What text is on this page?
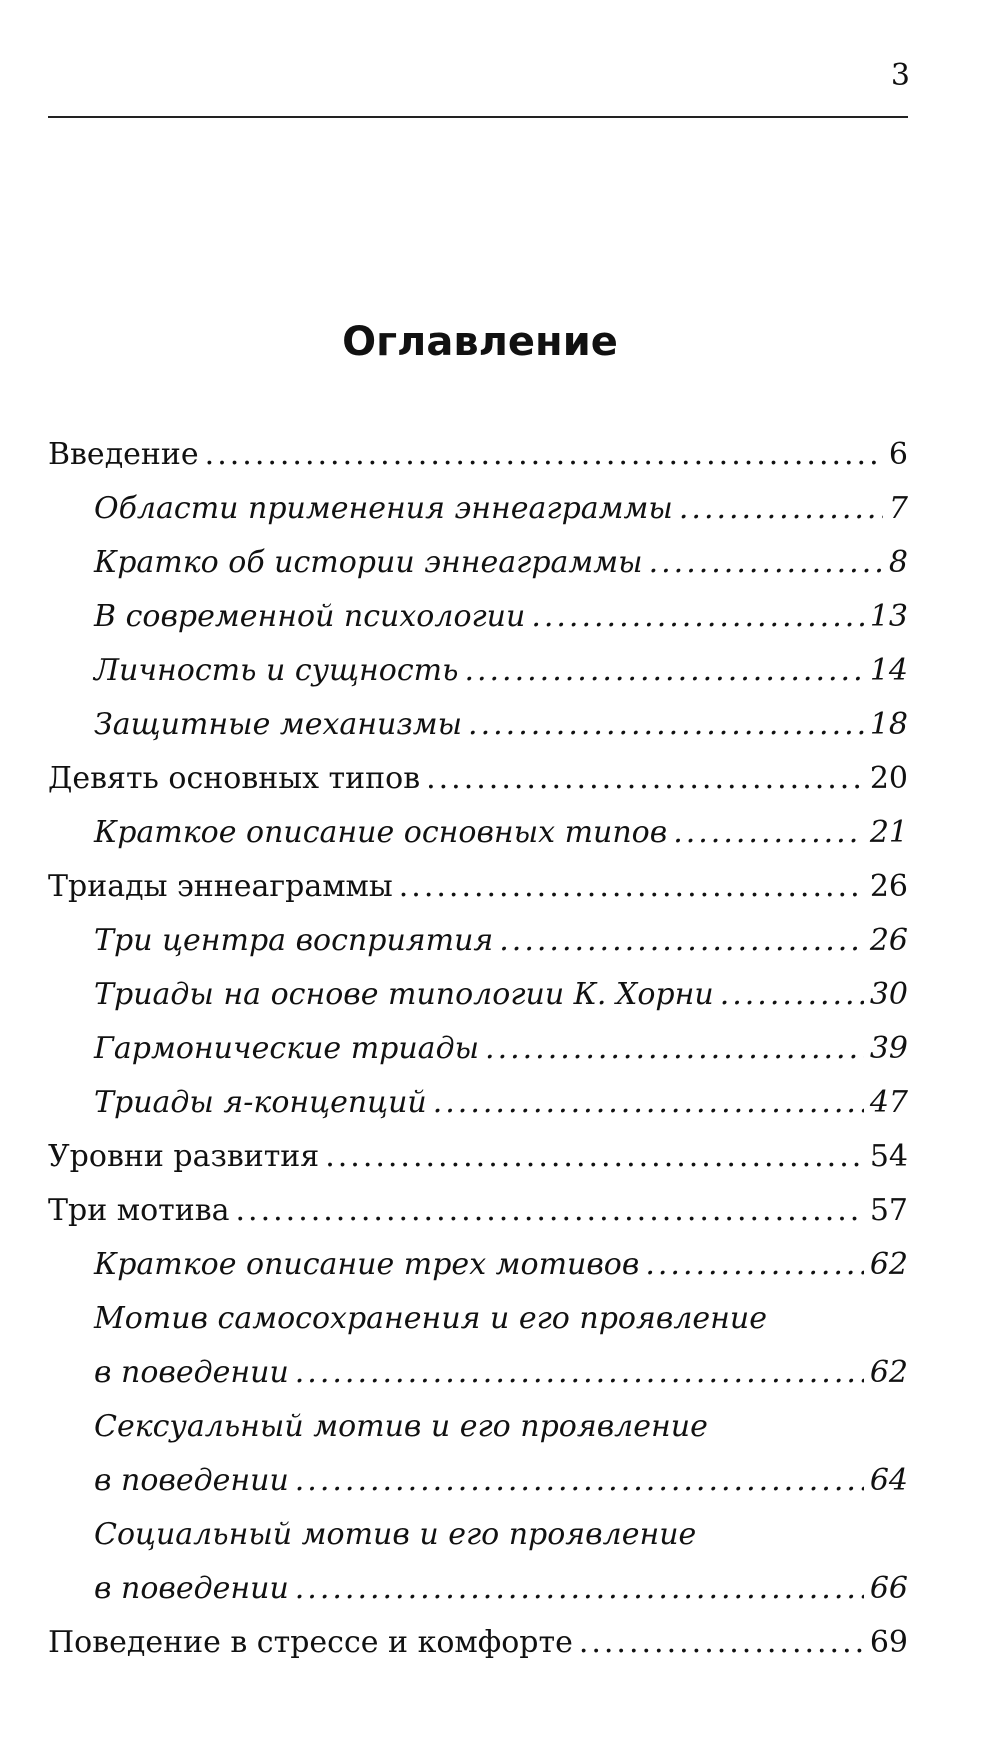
3
Оглавление
Введение .....	6
Области применения эннеаграммы .....	7
Кратко об истории эннеаграммы .....	8
В современной психологии .....	13
Личность и сущность .....	14
Защитные механизмы .....	18
Девять основных типов .....	20
Краткое описание основных типов .....	21
Триады эннеаграммы .....	26
Три центра восприятия .....	26
Триады на основе типологии К. Хорни .....	30
Гармонические триады .....	39
Триады я-концепций .....	47
Уровни развития .....	54
Три мотива .....	57
Краткое описание трех мотивов .....	62
Мотив самосохранения и его проявление
в поведении .....	62
Сексуальный мотив и его проявление
в поведении .....	64
Социальный мотив и его проявление
в поведении .....	66
Поведение в стрессе и комфорте .....	69
